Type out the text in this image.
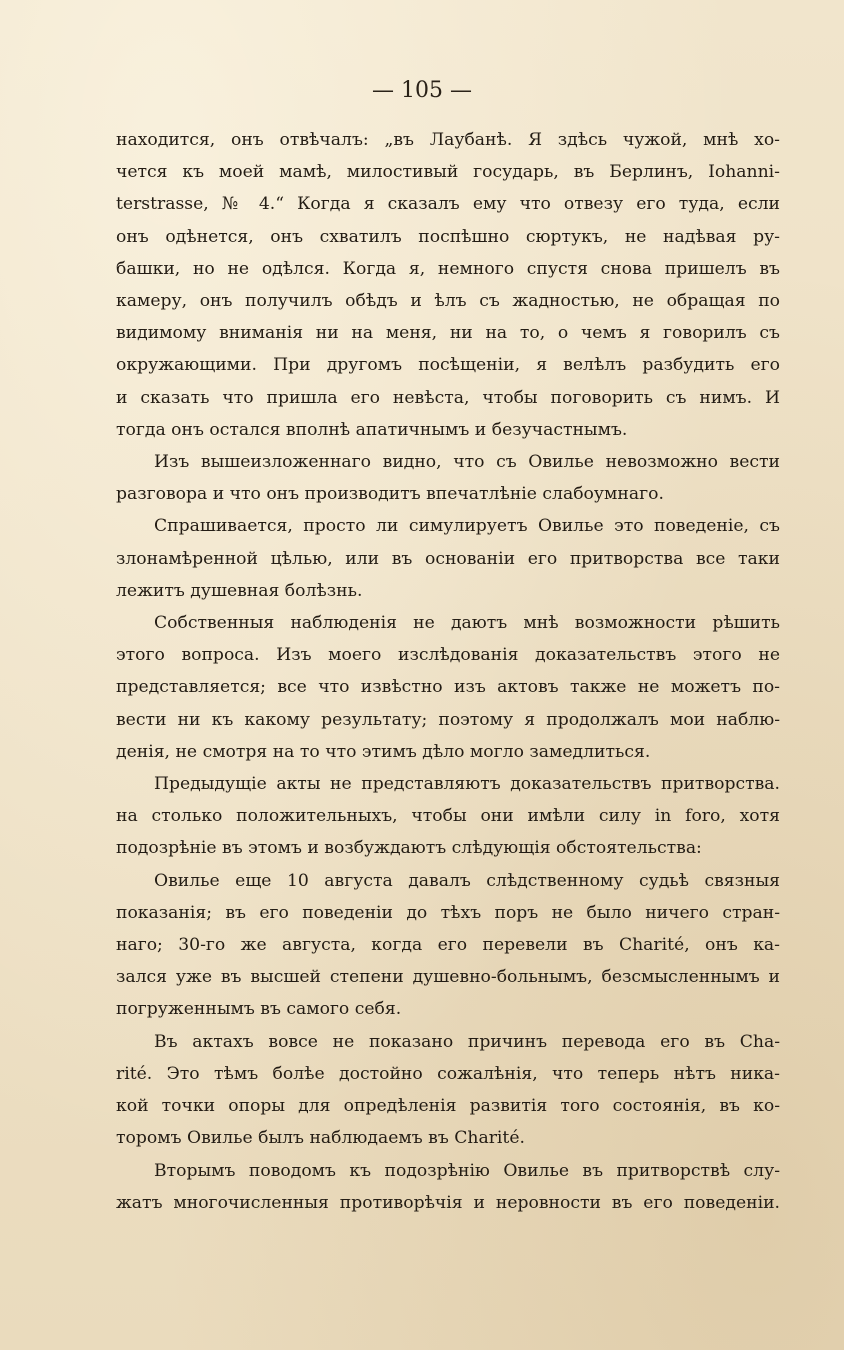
— 105 —

находится, онъ отвѣчалъ: „въ Лаубанѣ. Я здѣсь чужой, мнѣ хо-
чется къ моей мамѣ, милостивый государь, въ Берлинъ, Iohanni-
terstrasse, № 4.“ Когда я сказалъ ему что отвезу его туда, если
онъ одѣнется, онъ схватилъ поспѣшно сюртукъ, не надѣвая ру-
башки, но не одѣлся. Когда я, немного спустя снова пришелъ въ
камеру, онъ получилъ обѣдъ и ѣлъ съ жадностью, не обращая по
видимому вниманія ни на меня, ни на то, о чемъ я говорилъ съ
окружающими. При другомъ посѣщеніи, я велѣлъ разбудить его
и сказать что пришла его невѣста, чтобы поговорить съ нимъ. И
тогда онъ остался вполнѣ апатичнымъ и безучастнымъ.

Изъ вышеизложеннаго видно, что съ Овилье невозможно вести
разговора и что онъ производитъ впечатлѣніе слабоумнаго.

Спрашивается, просто ли симулируетъ Овилье это поведеніе, съ
злонамѣренной цѣлью, или въ основаніи его притворства все таки
лежитъ душевная болѣзнь.

Собственныя наблюденія не даютъ мнѣ возможности рѣшить
этого вопроса. Изъ моего изслѣдованія доказательствъ этого не
представляется; все что извѣстно изъ актовъ также не можетъ по-
вести ни къ какому результату; поэтому я продолжалъ мои наблю-
денія, не смотря на то что этимъ дѣло могло замедлиться.

Предыдущіе акты не представляютъ доказательствъ притворства.
на столько положительныхъ, чтобы они имѣли силу in foro, хотя
подозрѣніе въ этомъ и возбуждаютъ слѣдующія обстоятельства:

Овилье еще 10 августа давалъ слѣдственному судьѣ связныя
показанія; въ его поведеніи до тѣхъ поръ не было ничего стран-
наго; 30-го же августа, когда его перевели въ Charité, онъ ка-
зался уже въ высшей степени душевно-больнымъ, безсмысленнымъ и
погруженнымъ въ самого себя.

Въ актахъ вовсе не показано причинъ перевода его въ Cha-
rité. Это тѣмъ болѣе достойно сожалѣнія, что теперь нѣтъ ника-
кой точки опоры для опредѣленія развитія того состоянія, въ ко-
торомъ Овилье былъ наблюдаемъ въ Charité.

Вторымъ поводомъ къ подозрѣнію Овилье въ притворствѣ слу-
жатъ многочисленныя противорѣчія и неровности въ его поведеніи.
